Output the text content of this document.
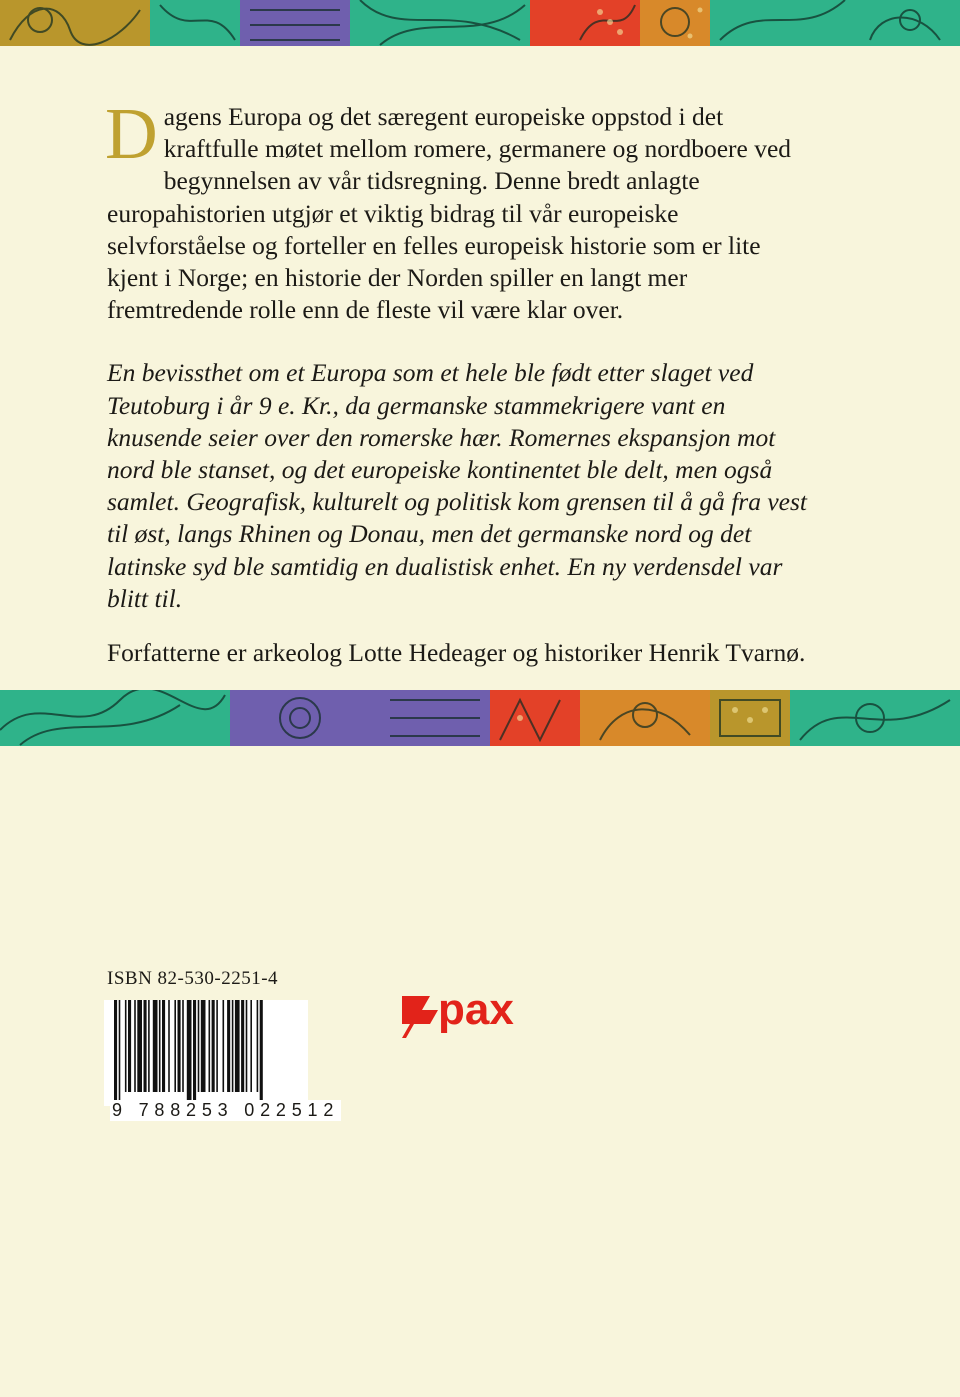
Dagens Europa og det særegent europeiske oppstod i det kraftfulle møtet mellom romere, germanere og nordboere ved begynnelsen av vår tidsregning. Denne bredt anlagte europahistorien utgjør et viktig bidrag til vår europeiske selvforståelse og forteller en felles europeisk historie som er lite kjent i Norge; en historie der Norden spiller en langt mer fremtredende rolle enn de fleste vil være klar over.

En bevissthet om et Europa som et hele ble født etter slaget ved Teutoburg i år 9 e. Kr., da germanske stammekrigere vant en knusende seier over den romerske hær. Romernes ekspansjon mot nord ble stanset, og det europeiske kontinentet ble delt, men også samlet. Geografisk, kulturelt og politisk kom grensen til å gå fra vest til øst, langs Rhinen og Donau, men det germanske nord og det latinske syd ble samtidig en dualistisk enhet. En ny verdensdel var blitt til.

Forfatterne er arkeolog Lotte Hedeager og historiker Henrik Tvarnø.

ISBN 82-530-2251-4
9 788253 022512
pax
